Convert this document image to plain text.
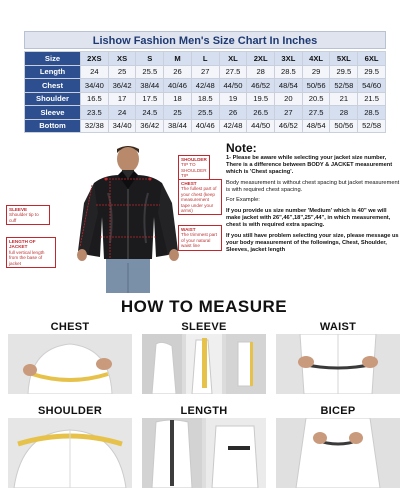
Lishow Fashion Men's Size Chart In Inches
Size	2XS	XS	S	M	L	XL	2XL	3XL	4XL	5XL	6XL
Length	24	25	25.5	26	27	27.5	28	28.5	29	29.5	29.5
Chest	34/40	36/42	38/44	40/46	42/48	44/50	46/52	48/54	50/56	52/58	54/60
Shoulder	16.5	17	17.5	18	18.5	19	19.5	20	20.5	21	21.5
Sleeve	23.5	24	24.5	25	25.5	26	26.5	27	27.5	28	28.5
Bottom	32/38	34/40	36/42	38/44	40/46	42/48	44/50	46/52	48/54	50/56	52/58
SHOULDER
TIP TO SHOULDER TIP
CHEST
The fullest part of your chest (keep measurement tape under your arms)
WAIST
The trimmest part of your natural waist line
SLEEVE
Shoulder tip to cuff
LENGTH OF JACKET
full vertical length from the base of jacket
Note:

1- Please be aware while selecting your jacket size number, There is a difference between BODY & JACKET measurement which is 'Chest spacing'.

Body measurement is without chest spacing but jacket measurement is with required chest spacing.

For Example:

If you provide us size number 'Medium' which is 40" we will make jacket with 26",46",18",25",44", in which measurement, chest is with required extra spacing.

If you still have problem selecting your size, please message us your body measurement of the followings, Chest, Shoulder, Sleeves, jacket length

HOW TO MEASURE
CHEST	SLEEVE	WAIST
SHOULDER	LENGTH	BICEP
